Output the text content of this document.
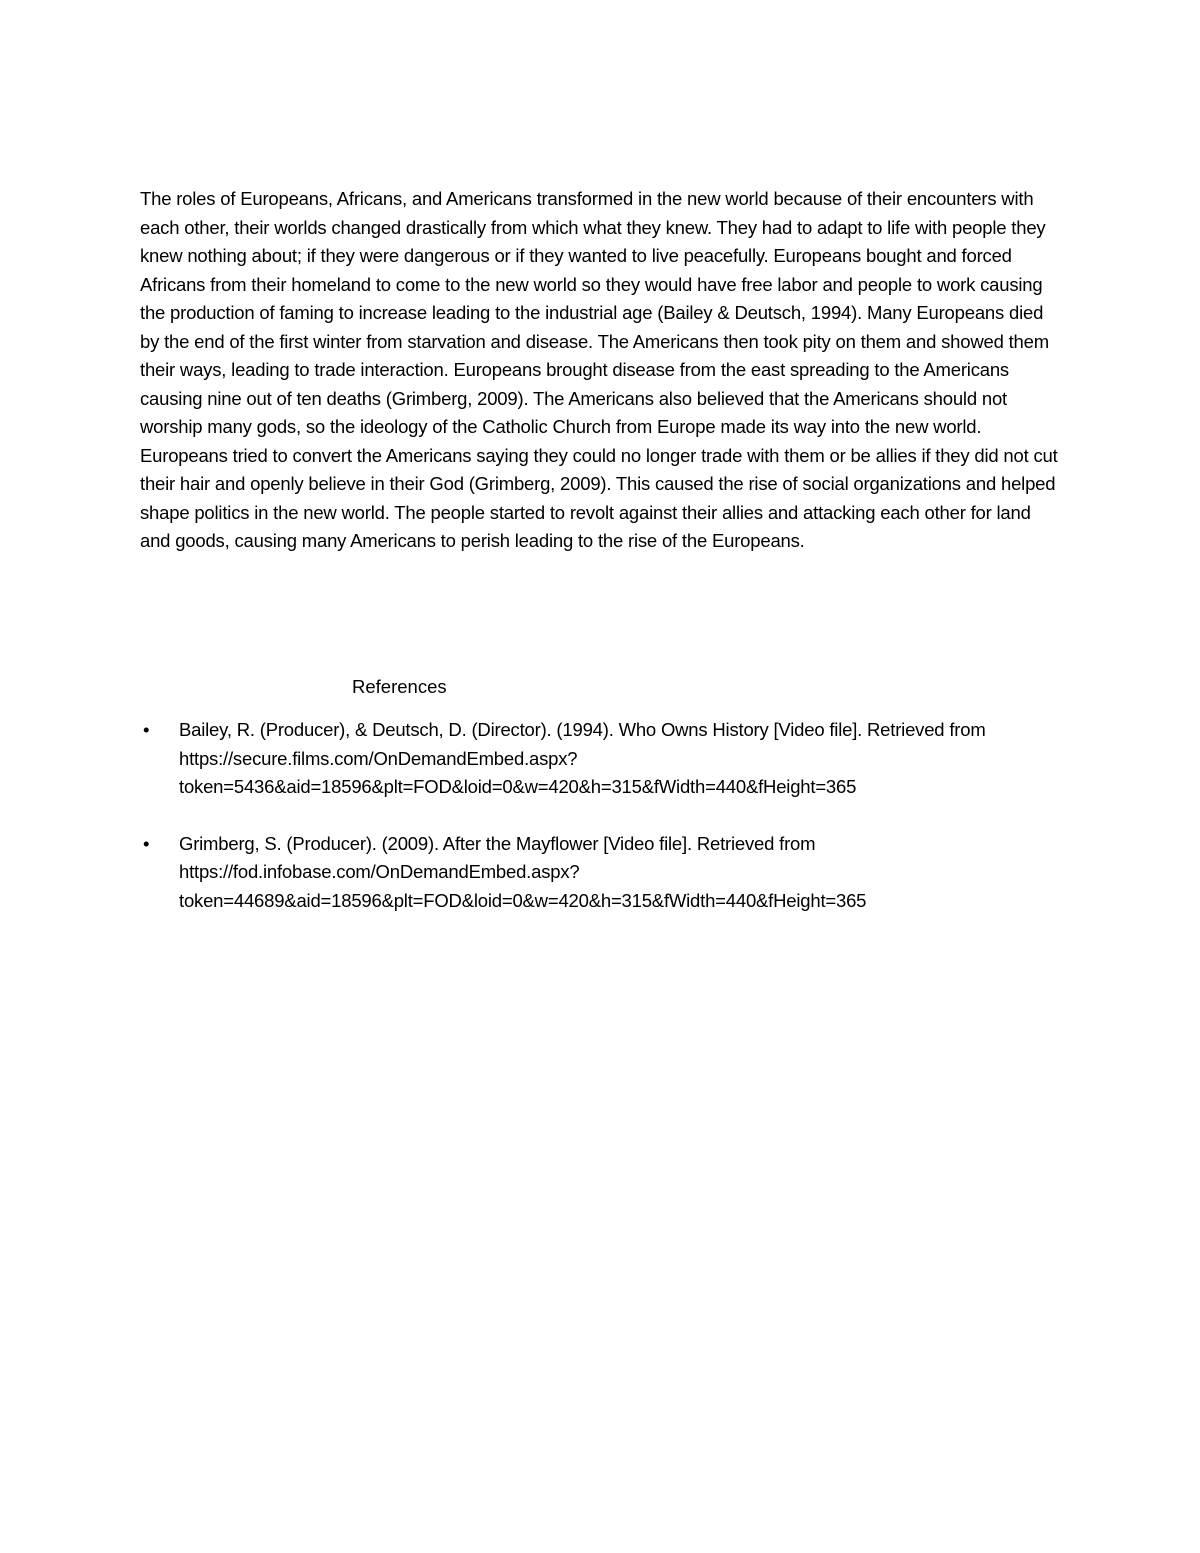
The roles of Europeans, Africans, and Americans transformed in the new world because of their encounters with each other, their worlds changed drastically from which what they knew. They had to adapt to life with people they knew nothing about; if they were dangerous or if they wanted to live peacefully. Europeans bought and forced Africans from their homeland to come to the new world so they would have free labor and people to work causing the production of faming to increase leading to the industrial age (Bailey & Deutsch, 1994). Many Europeans died by the end of the first winter from starvation and disease. The Americans then took pity on them and showed them their ways, leading to trade interaction. Europeans brought disease from the east spreading to the Americans causing nine out of ten deaths (Grimberg, 2009). The Americans also believed that the Americans should not worship many gods, so the ideology of the Catholic Church from Europe made its way into the new world. Europeans tried to convert the Americans saying they could no longer trade with them or be allies if they did not cut their hair and openly believe in their God (Grimberg, 2009). This caused the rise of social organizations and helped shape politics in the new world. The people started to revolt against their allies and attacking each other for land and goods, causing many Americans to perish leading to the rise of the Europeans.

References
• Bailey, R. (Producer), & Deutsch, D. (Director). (1994). Who Owns History [Video file]. Retrieved from
https://secure.films.com/OnDemandEmbed.aspx?
token=5436&aid=18596&plt=FOD&loid=0&w=420&h=315&fWidth=440&fHeight=365
• Grimberg, S. (Producer). (2009). After the Mayflower [Video file]. Retrieved from
https://fod.infobase.com/OnDemandEmbed.aspx?
token=44689&aid=18596&plt=FOD&loid=0&w=420&h=315&fWidth=440&fHeight=365
